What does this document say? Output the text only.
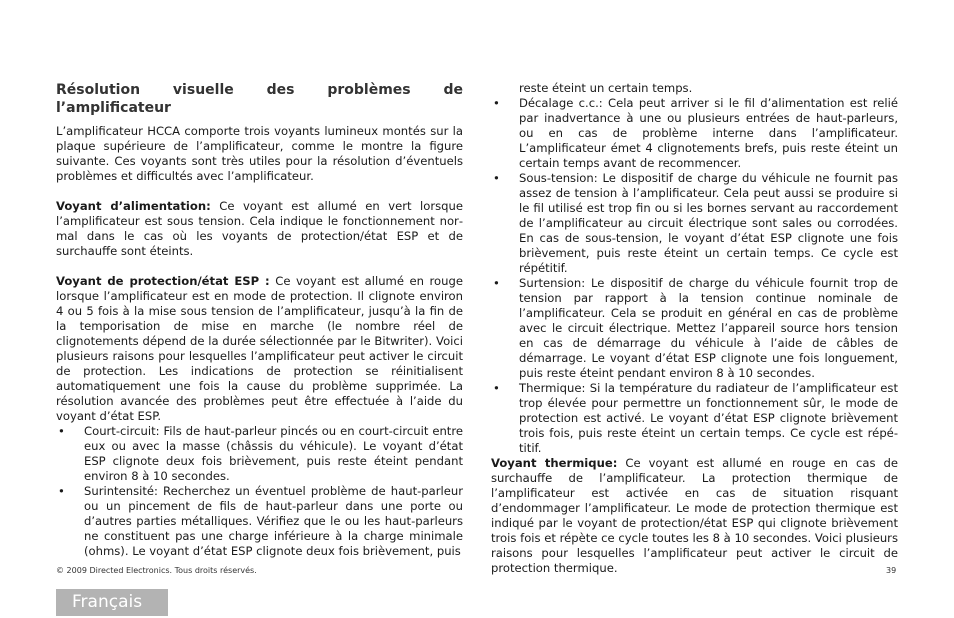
Résolution visuelle des problèmes de
l’amplificateur

L’amplificateur HCCA comporte trois voyants lumineux montés sur la plaque supérieure de l’amplificateur, comme le montre la figure suivante. Ces voyants sont très utiles pour la résolution d’éventuels problèmes et difficultés avec l’amplificateur.

Voyant d’alimentation: Ce voyant est allumé en vert lorsque l’amplificateur est sous tension. Cela indique le fonctionnement normal dans le cas où les voyants de protection/état ESP et de surchauffe sont éteints.

Voyant de protection/état ESP : Ce voyant est allumé en rouge lorsque l’amplificateur est en mode de protection. Il clignote environ 4 ou 5 fois à la mise sous tension de l’amplificateur, jusqu’à la fin de la temporisation de mise en marche (le nombre réel de clignotements dépend de la durée sélectionnée par le Bitwriter). Voici plusieurs raisons pour lesquelles l’amplificateur peut activer le circuit de protection. Les indications de protection se réinitialisent automatiquement une fois la cause du problème supprimée. La résolution avancée des problèmes peut être effectuée à l’aide du voyant d’état ESP.

• Court-circuit: Fils de haut-parleur pincés ou en court-circuit entre eux ou avec la masse (châssis du véhicule). Le voyant d’état ESP clignote deux fois brièvement, puis reste éteint pendant environ 8 à 10 secondes.
• Surintensité: Recherchez un éventuel problème de haut-parleur ou un pincement de fils de haut-parleur dans une porte ou d’autres parties métalliques. Vérifiez que le ou les haut-parleurs ne constituent pas une charge inférieure à la charge minimale (ohms). Le voyant d’état ESP clignote deux fois brièvement, puis

reste éteint un certain temps.

• Décalage c.c.: Cela peut arriver si le fil d’alimentation est relié par inadvertance à une ou plusieurs entrées de haut-parleurs, ou en cas de problème interne dans l’amplificateur. L’amplificateur émet 4 clignotements brefs, puis reste éteint un certain temps avant de recommencer.
• Sous-tension: Le dispositif de charge du véhicule ne fournit pas assez de tension à l’amplificateur. Cela peut aussi se produire si le fil utilisé est trop fin ou si les bornes servant au raccordement de l’amplificateur au circuit électrique sont sales ou corrodées. En cas de sous-tension, le voyant d’état ESP clignote une fois brièvement, puis reste éteint un certain temps. Ce cycle est répétitif.
• Surtension: Le dispositif de charge du véhicule fournit trop de tension par rapport à la tension continue nominale de l’amplificateur. Cela se produit en général en cas de problème avec le circuit électrique. Mettez l’appareil source hors tension en cas de démarrage du véhicule à l’aide de câbles de démarrage. Le voyant d’état ESP clignote une fois longuement, puis reste éteint pendant environ 8 à 10 secondes.
• Thermique: Si la température du radiateur de l’amplificateur est trop élevée pour permettre un fonctionnement sûr, le mode de protection est activé. Le voyant d’état ESP clignote brièvement trois fois, puis reste éteint un certain temps. Ce cycle est répétitif.

Voyant thermique: Ce voyant est allumé en rouge en cas de surchauffe de l’amplificateur. La protection thermique de l’amplificateur est activée en cas de situation risquant d’endommager l’amplificateur. Le mode de protection thermique est indiqué par le voyant de protection/état ESP qui clignote brièvement trois fois et répète ce cycle toutes les 8 à 10 secondes. Voici plusieurs raisons pour lesquelles l’amplificateur peut activer le circuit de protection thermique.

© 2009 Directed Electronics. Tous droits réservés.	39
Français
